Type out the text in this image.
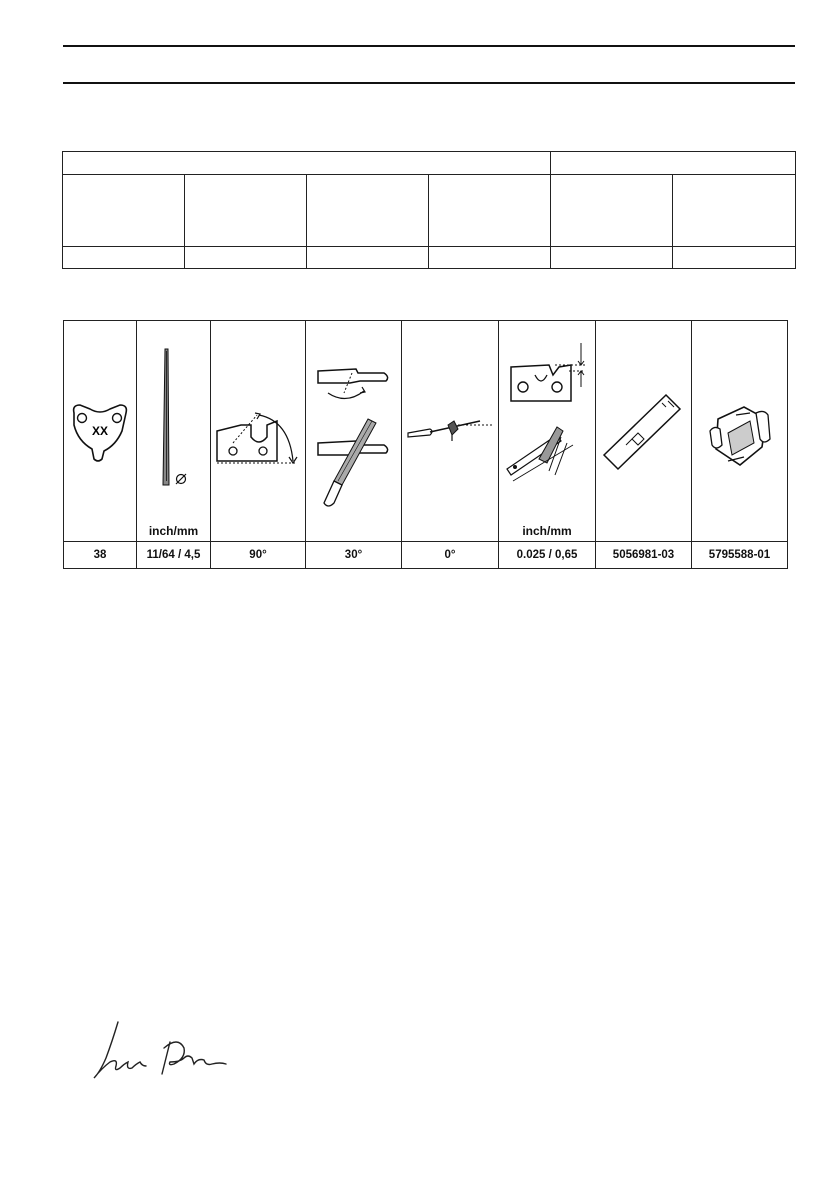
XX	inch/mm				inch/mm

38	11/64 / 4,5	90°	30°	0°	0.025 / 0,65	5056981-03	5795588-01
